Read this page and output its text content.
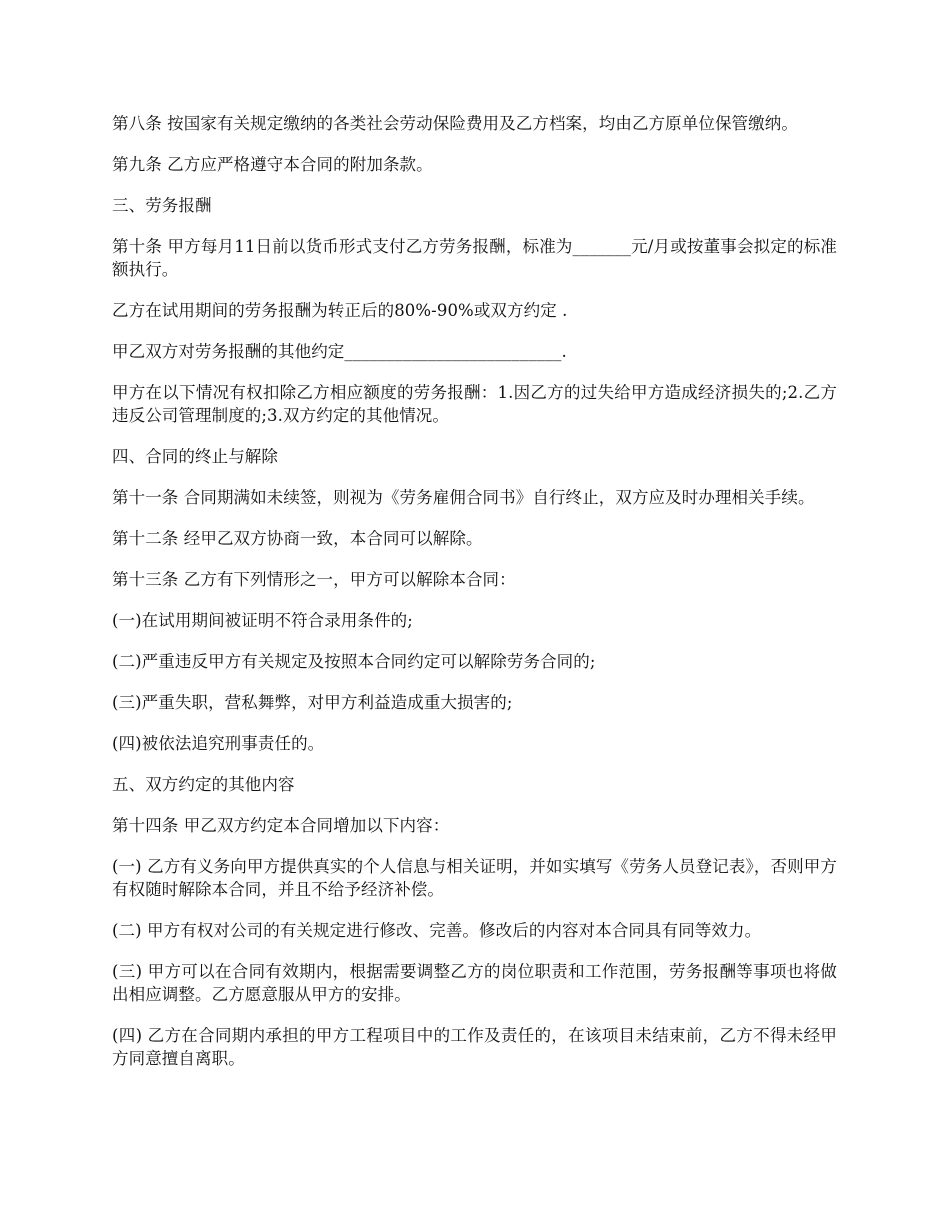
第八条 按国家有关规定缴纳的各类社会劳动保险费用及乙方档案，均由乙方原单位保管缴纳。

第九条 乙方应严格遵守本合同的附加条款。

三、劳务报酬

第十条 甲方每月11日前以货币形式支付乙方劳务报酬，标准为_______元/月或按董事会拟定的标准额执行。

乙方在试用期间的劳务报酬为转正后的80%-90%或双方约定 .

甲乙双方对劳务报酬的其他约定__________________________.

甲方在以下情况有权扣除乙方相应额度的劳务报酬：1.因乙方的过失给甲方造成经济损失的;2.乙方违反公司管理制度的;3.双方约定的其他情况。

四、合同的终止与解除

第十一条 合同期满如未续签，则视为《劳务雇佣合同书》自行终止，双方应及时办理相关手续。

第十二条 经甲乙双方协商一致，本合同可以解除。

第十三条 乙方有下列情形之一，甲方可以解除本合同：

(一)在试用期间被证明不符合录用条件的;

(二)严重违反甲方有关规定及按照本合同约定可以解除劳务合同的;

(三)严重失职，营私舞弊，对甲方利益造成重大损害的;

(四)被依法追究刑事责任的。

五、双方约定的其他内容

第十四条 甲乙双方约定本合同增加以下内容：

(一) 乙方有义务向甲方提供真实的个人信息与相关证明，并如实填写《劳务人员登记表》，否则甲方有权随时解除本合同，并且不给予经济补偿。

(二) 甲方有权对公司的有关规定进行修改、完善。修改后的内容对本合同具有同等效力。

(三) 甲方可以在合同有效期内，根据需要调整乙方的岗位职责和工作范围，劳务报酬等事项也将做出相应调整。乙方愿意服从甲方的安排。

(四) 乙方在合同期内承担的甲方工程项目中的工作及责任的，在该项目未结束前，乙方不得未经甲方同意擅自离职。
